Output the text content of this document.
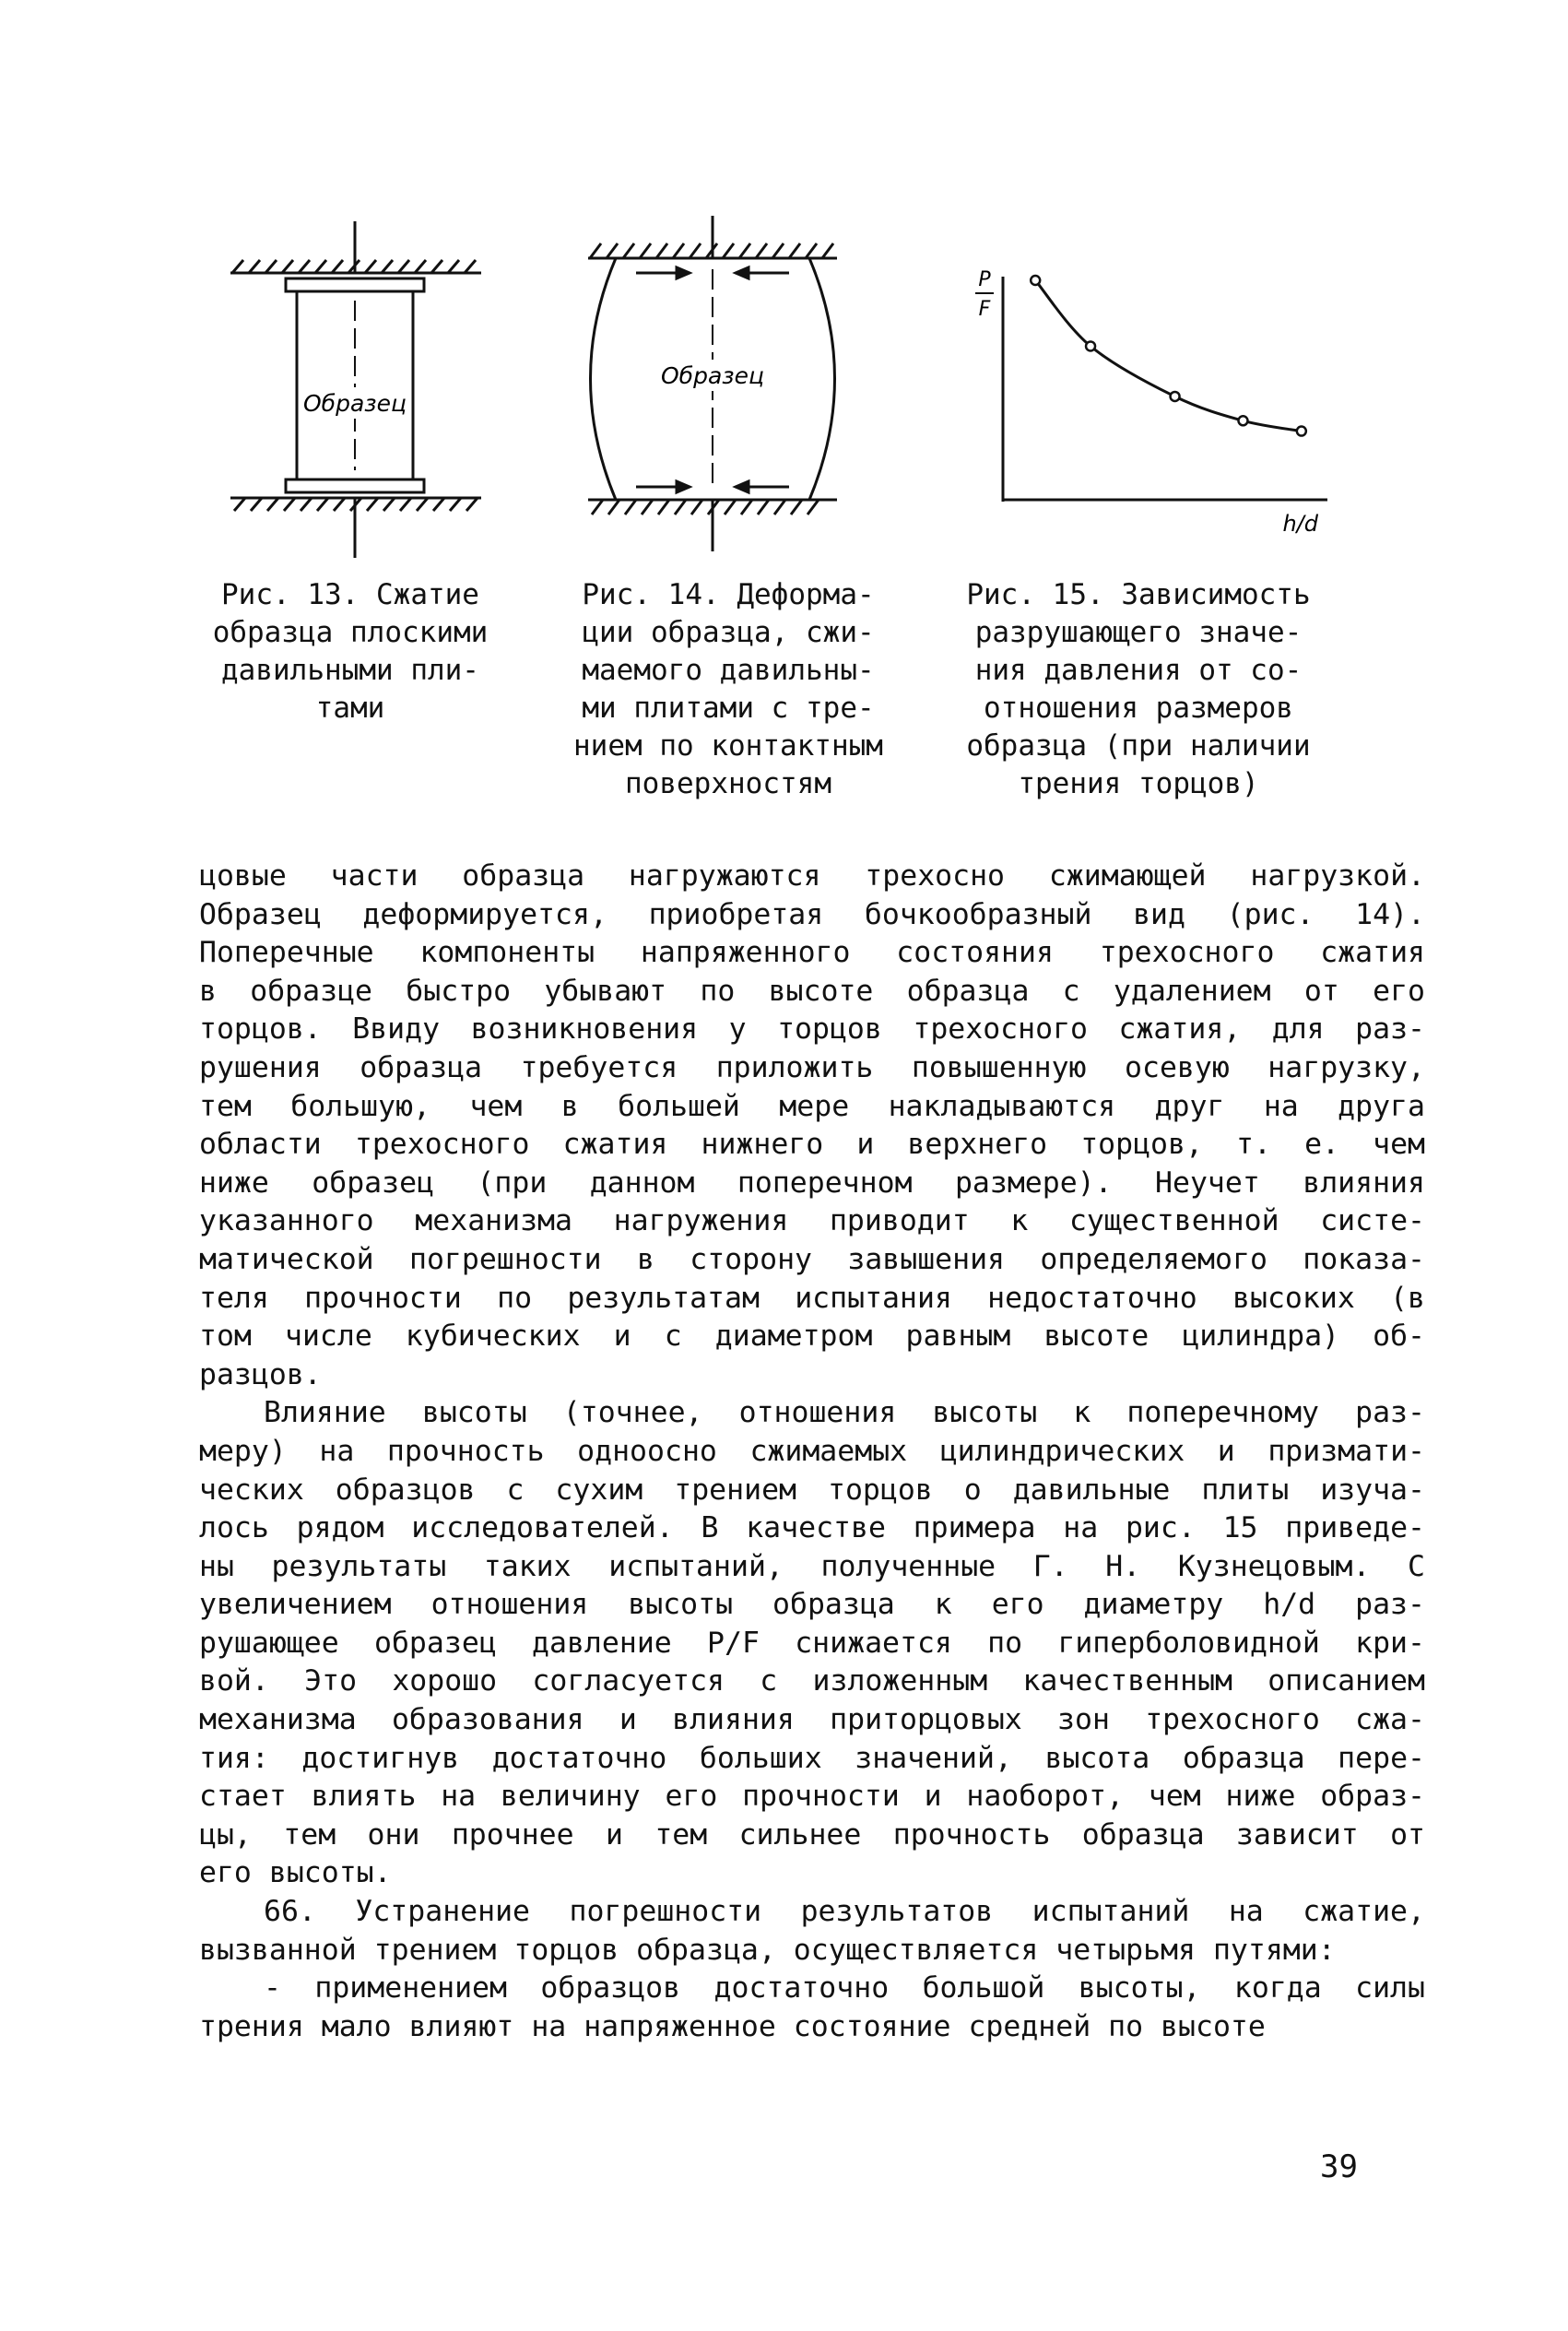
Образец
Рис. 13. Сжатие
образца плоскими
давильными пли-
тами
Образец
Рис. 14. Деформа-
ции образца, сжи-
маемого давильны-
ми плитами с тре-
нием по контактным
поверхностям
P
F
h/d
Рис. 15. Зависимость
разрушающего значе-
ния давления от со-
отношения размеров
образца (при наличии
трения торцов)
цовые части образца нагружаются трехосно сжимающей нагрузкой.
Образец деформируется, приобретая бочкообразный вид (рис. 14).
Поперечные компоненты напряженного состояния трехосного сжатия
в образце быстро убывают по высоте образца с удалением от его
торцов. Ввиду возникновения у торцов трехосного сжатия, для раз-
рушения образца требуется приложить повышенную осевую нагрузку,
тем большую, чем в большей мере накладываются друг на друга
области трехосного сжатия нижнего и верхнего торцов, т. е. чем
ниже образец (при данном поперечном размере). Неучет влияния
указанного механизма нагружения приводит к существенной систе-
матической погрешности в сторону завышения определяемого показа-
теля прочности по результатам испытания недостаточно высоких (в
том числе кубических и с диаметром равным высоте цилиндра) об-
разцов.
Влияние высоты (точнее, отношения высоты к поперечному раз-
меру) на прочность одноосно сжимаемых цилиндрических и призмати-
ческих образцов с сухим трением торцов о давильные плиты изуча-
лось рядом исследователей. В качестве примера на рис. 15 приведе-
ны результаты таких испытаний, полученные Г. Н. Кузнецовым. С
увеличением отношения высоты образца к его диаметру h/d раз-
рушающее образец давление P/F снижается по гиперболовидной кри-
вой. Это хорошо согласуется с изложенным качественным описанием
механизма образования и влияния приторцовых зон трехосного сжа-
тия: достигнув достаточно больших значений, высота образца пере-
стает влиять на величину его прочности и наоборот, чем ниже образ-
цы, тем они прочнее и тем сильнее прочность образца зависит от
его высоты.
66. Устранение погрешности результатов испытаний на сжатие,
вызванной трением торцов образца, осуществляется четырьмя путями:
- применением образцов достаточно большой высоты, когда силы
трения мало влияют на напряженное состояние средней по высоте
39
